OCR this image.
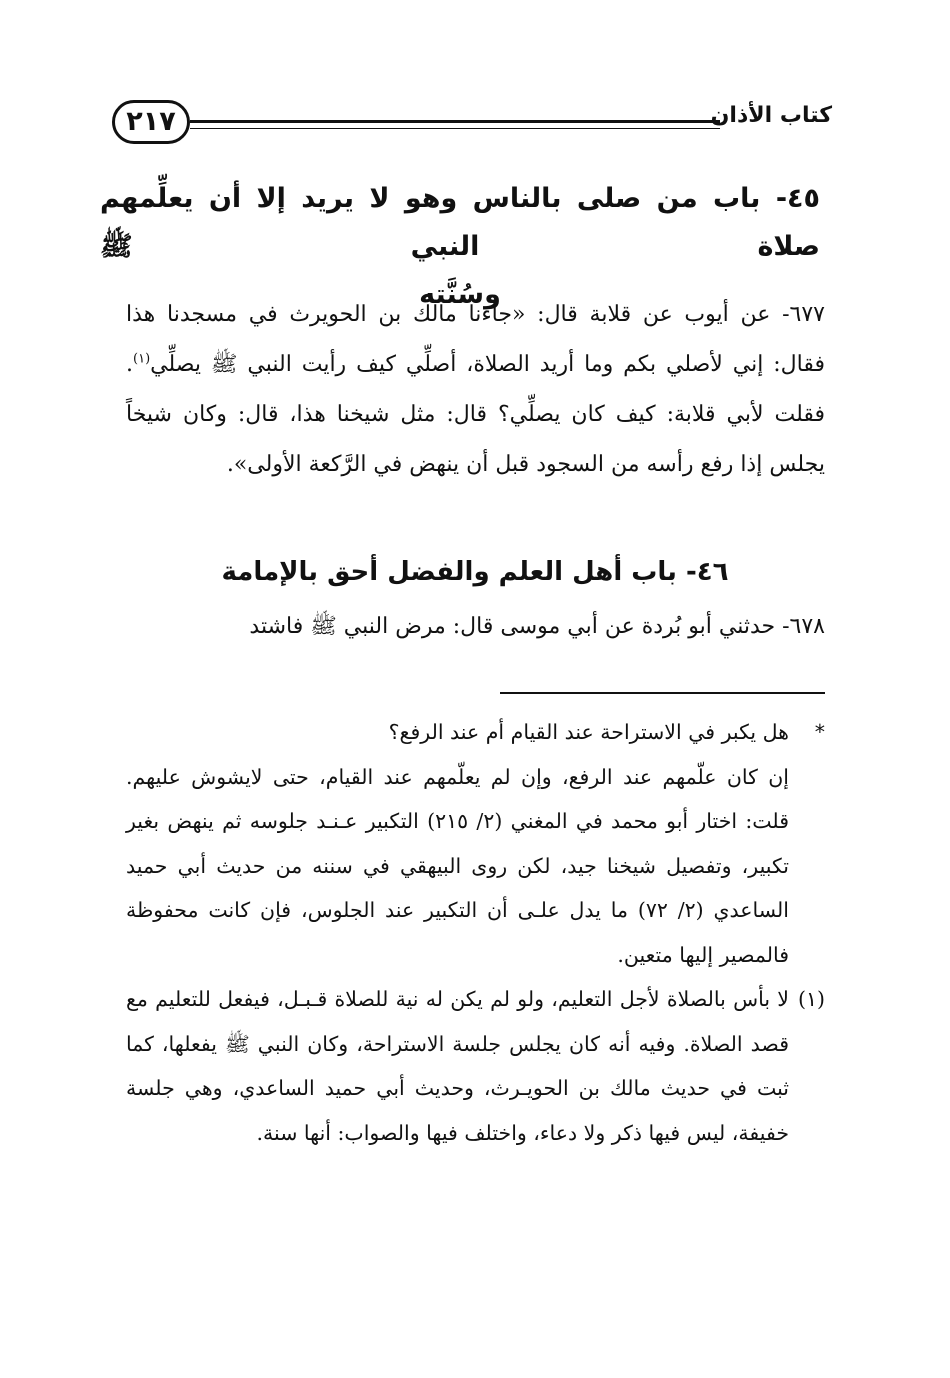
كتاب الأذان
٢١٧
٤٥- باب من صلى بالناس وهو لا يريد إلا أن يعلِّمهم صلاة النبي ﷺ
وسُنَّته
٦٧٧- عن أيوب عن قلابة قال: «جاءنا مالك بن الحويرث في مسجدنا هذا فقال: إني لأصلي بكم وما أريد الصلاة، أصلِّي كيف رأيت النبي ﷺ يصلِّي$^{(١)}$. فقلت لأبي قلابة: كيف كان يصلِّي؟ قال: مثل شيخنا هذا، قال: وكان شيخاً يجلس إذا رفع رأسه من السجود قبل أن ينهض في الرَّكعة الأولى».
٤٦- باب أهل العلم والفضل أحق بالإمامة
٦٧٨- حدثني أبو بُردة عن أبي موسى قال: مرض النبي ﷺ فاشتد

*
هل يكبر في الاستراحة عند القيام أم عند الرفع؟

إن كان علّمهم عند الرفع، وإن لم يعلّمهم عند القيام، حتى لايشوش عليهم. قلت: اختار أبو محمد في المغني (٢/ ٢١٥) التكبير عـنـد جلوسه ثم ينهض بغير تكبير، وتفصيل شيخنا جيد، لكن روى البيهقي في سننه من حديث أبي حميد الساعدي (٢/ ٧٢) ما يدل علـى أن التكبير عند الجلوس، فإن كانت محفوظة فالمصير إليها متعين.

(١)
لا بأس بالصلاة لأجل التعليم، ولو لم يكن له نية للصلاة قـبـل، فيفعل للتعليم مع قصد الصلاة. وفيه أنه كان يجلس جلسة الاستراحة، وكان النبي ﷺ يفعلها، كما ثبت في حديث مالك بن الحويـرث، وحديث أبي حميد الساعدي، وهي جلسة خفيفة، ليس فيها ذكر ولا دعاء، واختلف فيها والصواب: أنها سنة.
